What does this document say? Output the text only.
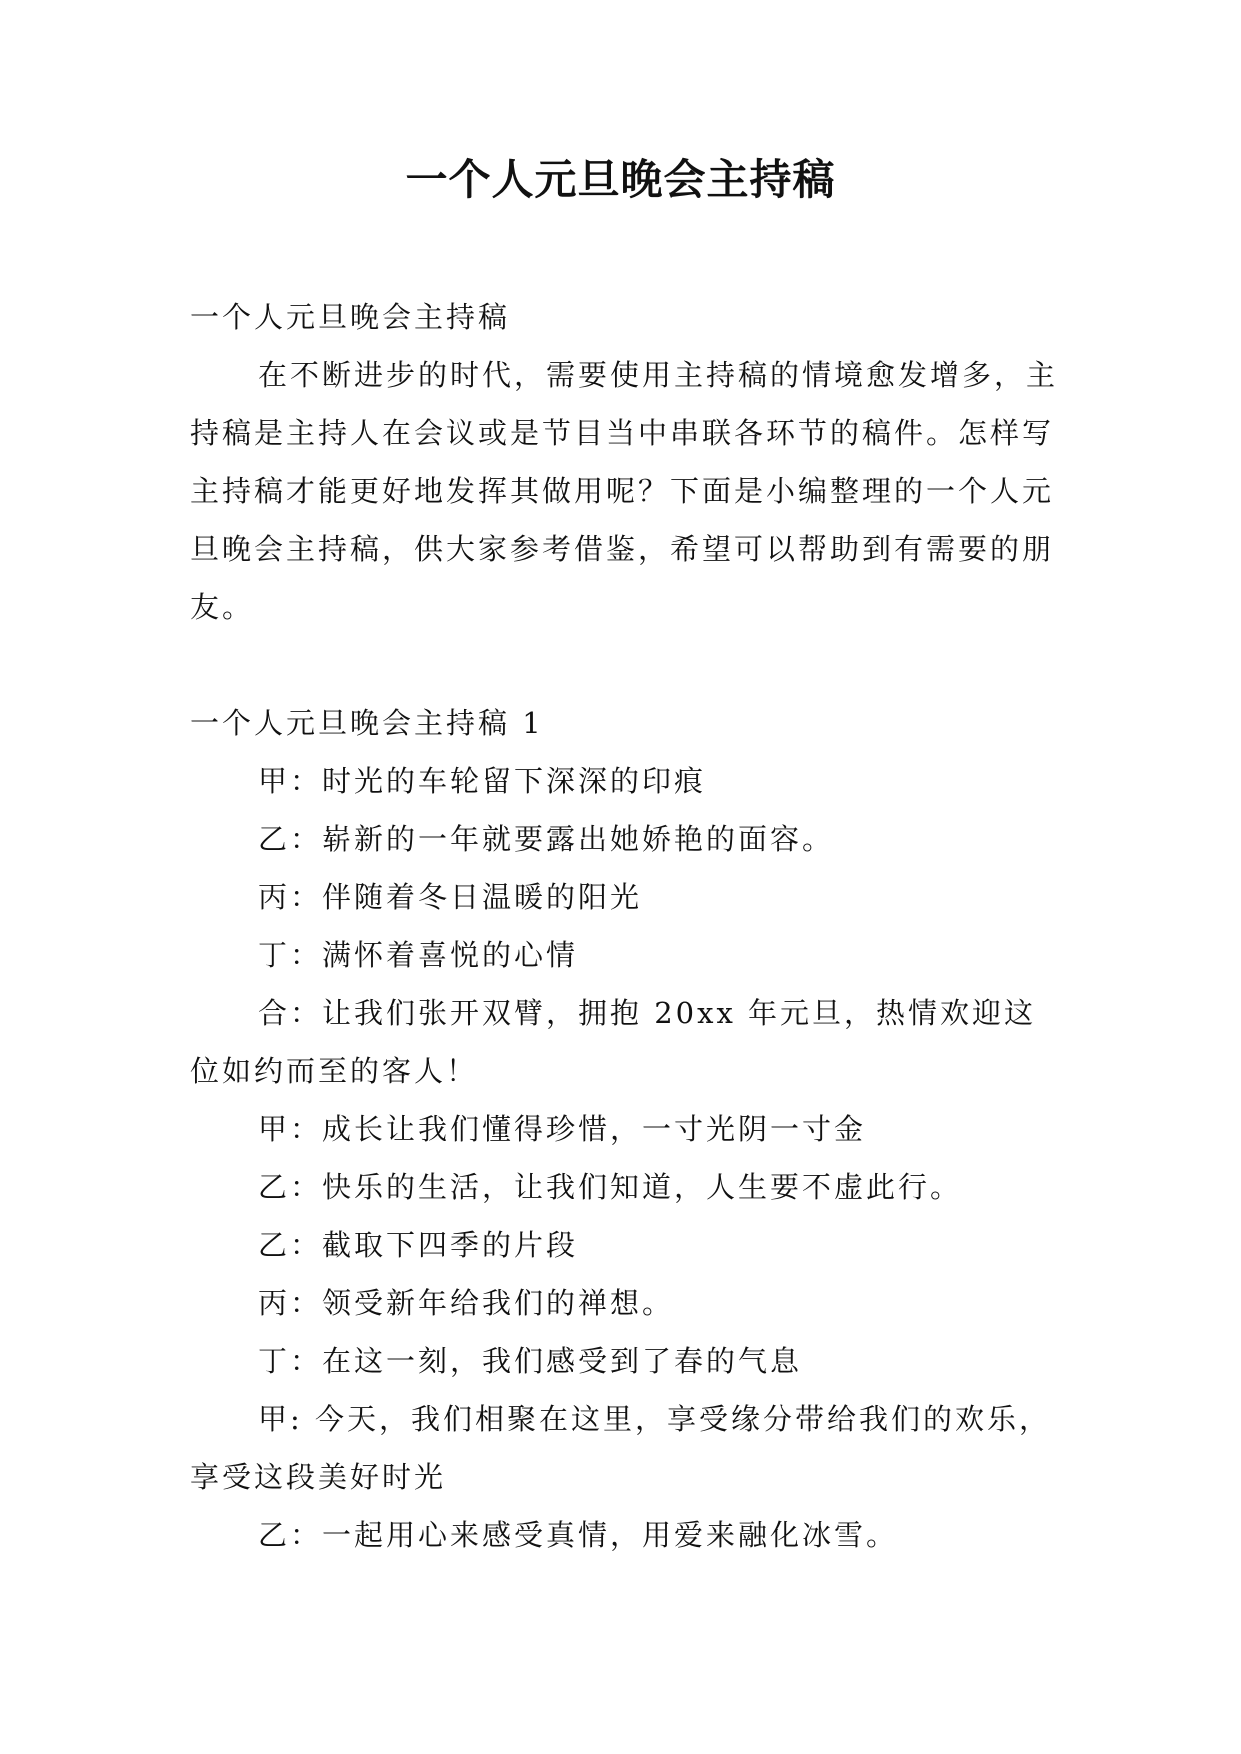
一个人元旦晚会主持稿

一个人元旦晚会主持稿

在不断进步的时代，需要使用主持稿的情境愈发增多，主持稿是主持人在会议或是节目当中串联各环节的稿件。怎样写主持稿才能更好地发挥其做用呢？下面是小编整理的一个人元旦晚会主持稿，供大家参考借鉴，希望可以帮助到有需要的朋友。

一个人元旦晚会主持稿 1

甲：时光的车轮留下深深的印痕

乙：崭新的一年就要露出她娇艳的面容。

丙：伴随着冬日温暖的阳光

丁：满怀着喜悦的心情

合：让我们张开双臂，拥抱 20xx 年元旦，热情欢迎这位如约而至的客人！

甲：成长让我们懂得珍惜，一寸光阴一寸金

乙：快乐的生活，让我们知道，人生要不虚此行。

乙：截取下四季的片段

丙：领受新年给我们的禅想。

丁：在这一刻，我们感受到了春的气息

甲: 今天，我们相聚在这里，享受缘分带给我们的欢乐，享受这段美好时光

乙：一起用心来感受真情，用爱来融化冰雪。
